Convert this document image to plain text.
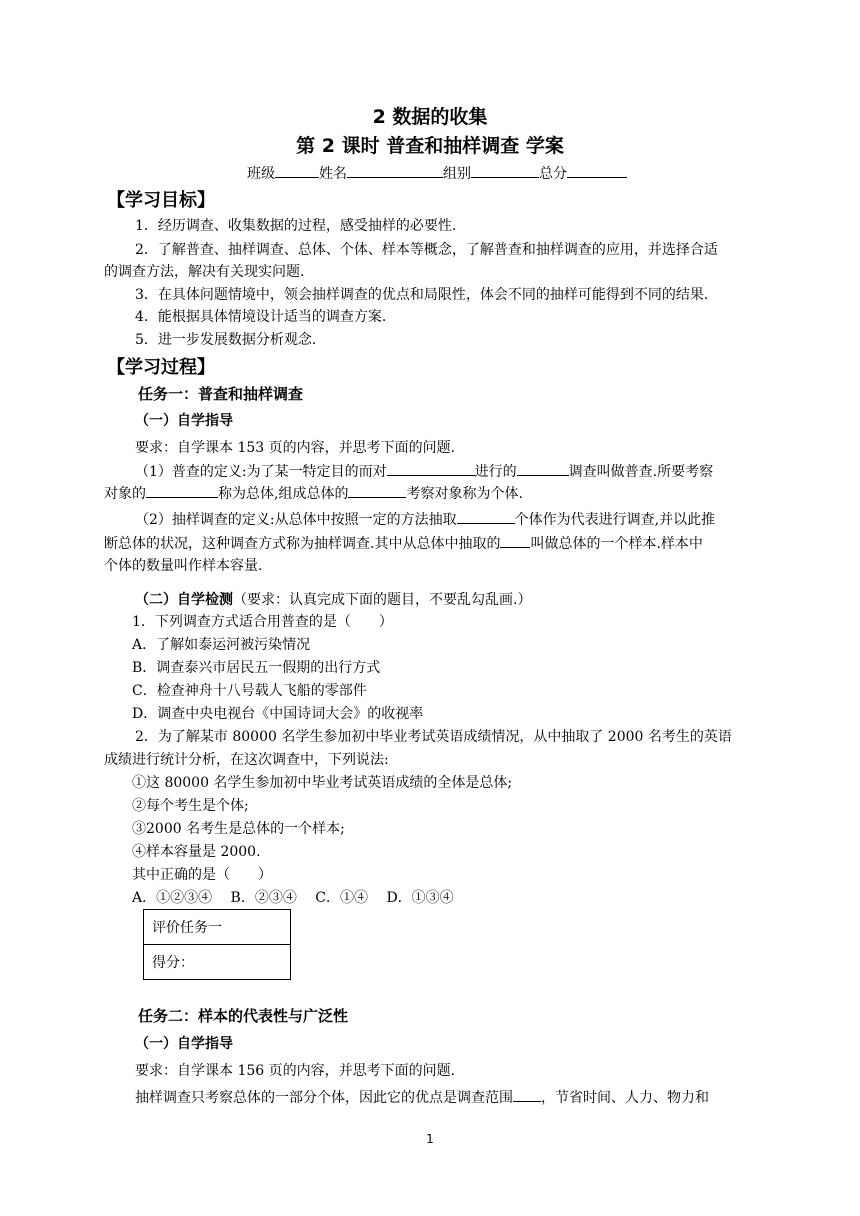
2 数据的收集
第 2 课时 普查和抽样调查 学案
班级	姓名	组别	总分
【学习目标】
1．经历调查、收集数据的过程，感受抽样的必要性.
2．了解普查、抽样调查、总体、个体、样本等概念，了解普查和抽样调查的应用，并选择合适
的调查方法，解决有关现实问题.
3．在具体问题情境中，领会抽样调查的优点和局限性，体会不同的抽样可能得到不同的结果.
4．能根据具体情境设计适当的调查方案.
5．进一步发展数据分析观念.
【学习过程】
任务一：普查和抽样调查
（一）自学指导
要求：自学课本 153 页的内容，并思考下面的问题.
（1）普查的定义:为了某一特定目的而对	进行的	调查叫做普查.所要考察
对象的	称为总体,组成总体的	考察对象称为个体.
（2）抽样调查的定义:从总体中按照一定的方法抽取	个体作为代表进行调查,并以此推
断总体的状况，这种调查方式称为抽样调查.其中从总体中抽取的 叫做总体的一个样本.样本中
个体的数量叫作样本容量.
（二）自学检测（要求：认真完成下面的题目，不要乱勾乱画.）
1．下列调查方式适合用普查的是（　　）
A．了解如泰运河被污染情况
B．调查泰兴市居民五一假期的出行方式
C．检查神舟十八号载人飞船的零部件
D．调查中央电视台《中国诗词大会》的收视率
2．为了解某市 80000 名学生参加初中毕业考试英语成绩情况，从中抽取了 2000 名考生的英语
成绩进行统计分析，在这次调查中，下列说法:
①这 80000 名学生参加初中毕业考试英语成绩的全体是总体;
②每个考生是个体;
③2000 名考生是总体的一个样本;
④样本容量是 2000.
其中正确的是（　　）
A．①②③④　 B．②③④　 C．①④　 D．①③④
评价任务一
得分：
任务二：样本的代表性与广泛性
（一）自学指导
要求：自学课本 156 页的内容，并思考下面的问题.
抽样调查只考察总体的一部分个体，因此它的优点是调查范围 ，节省时间、人力、物力和
1
